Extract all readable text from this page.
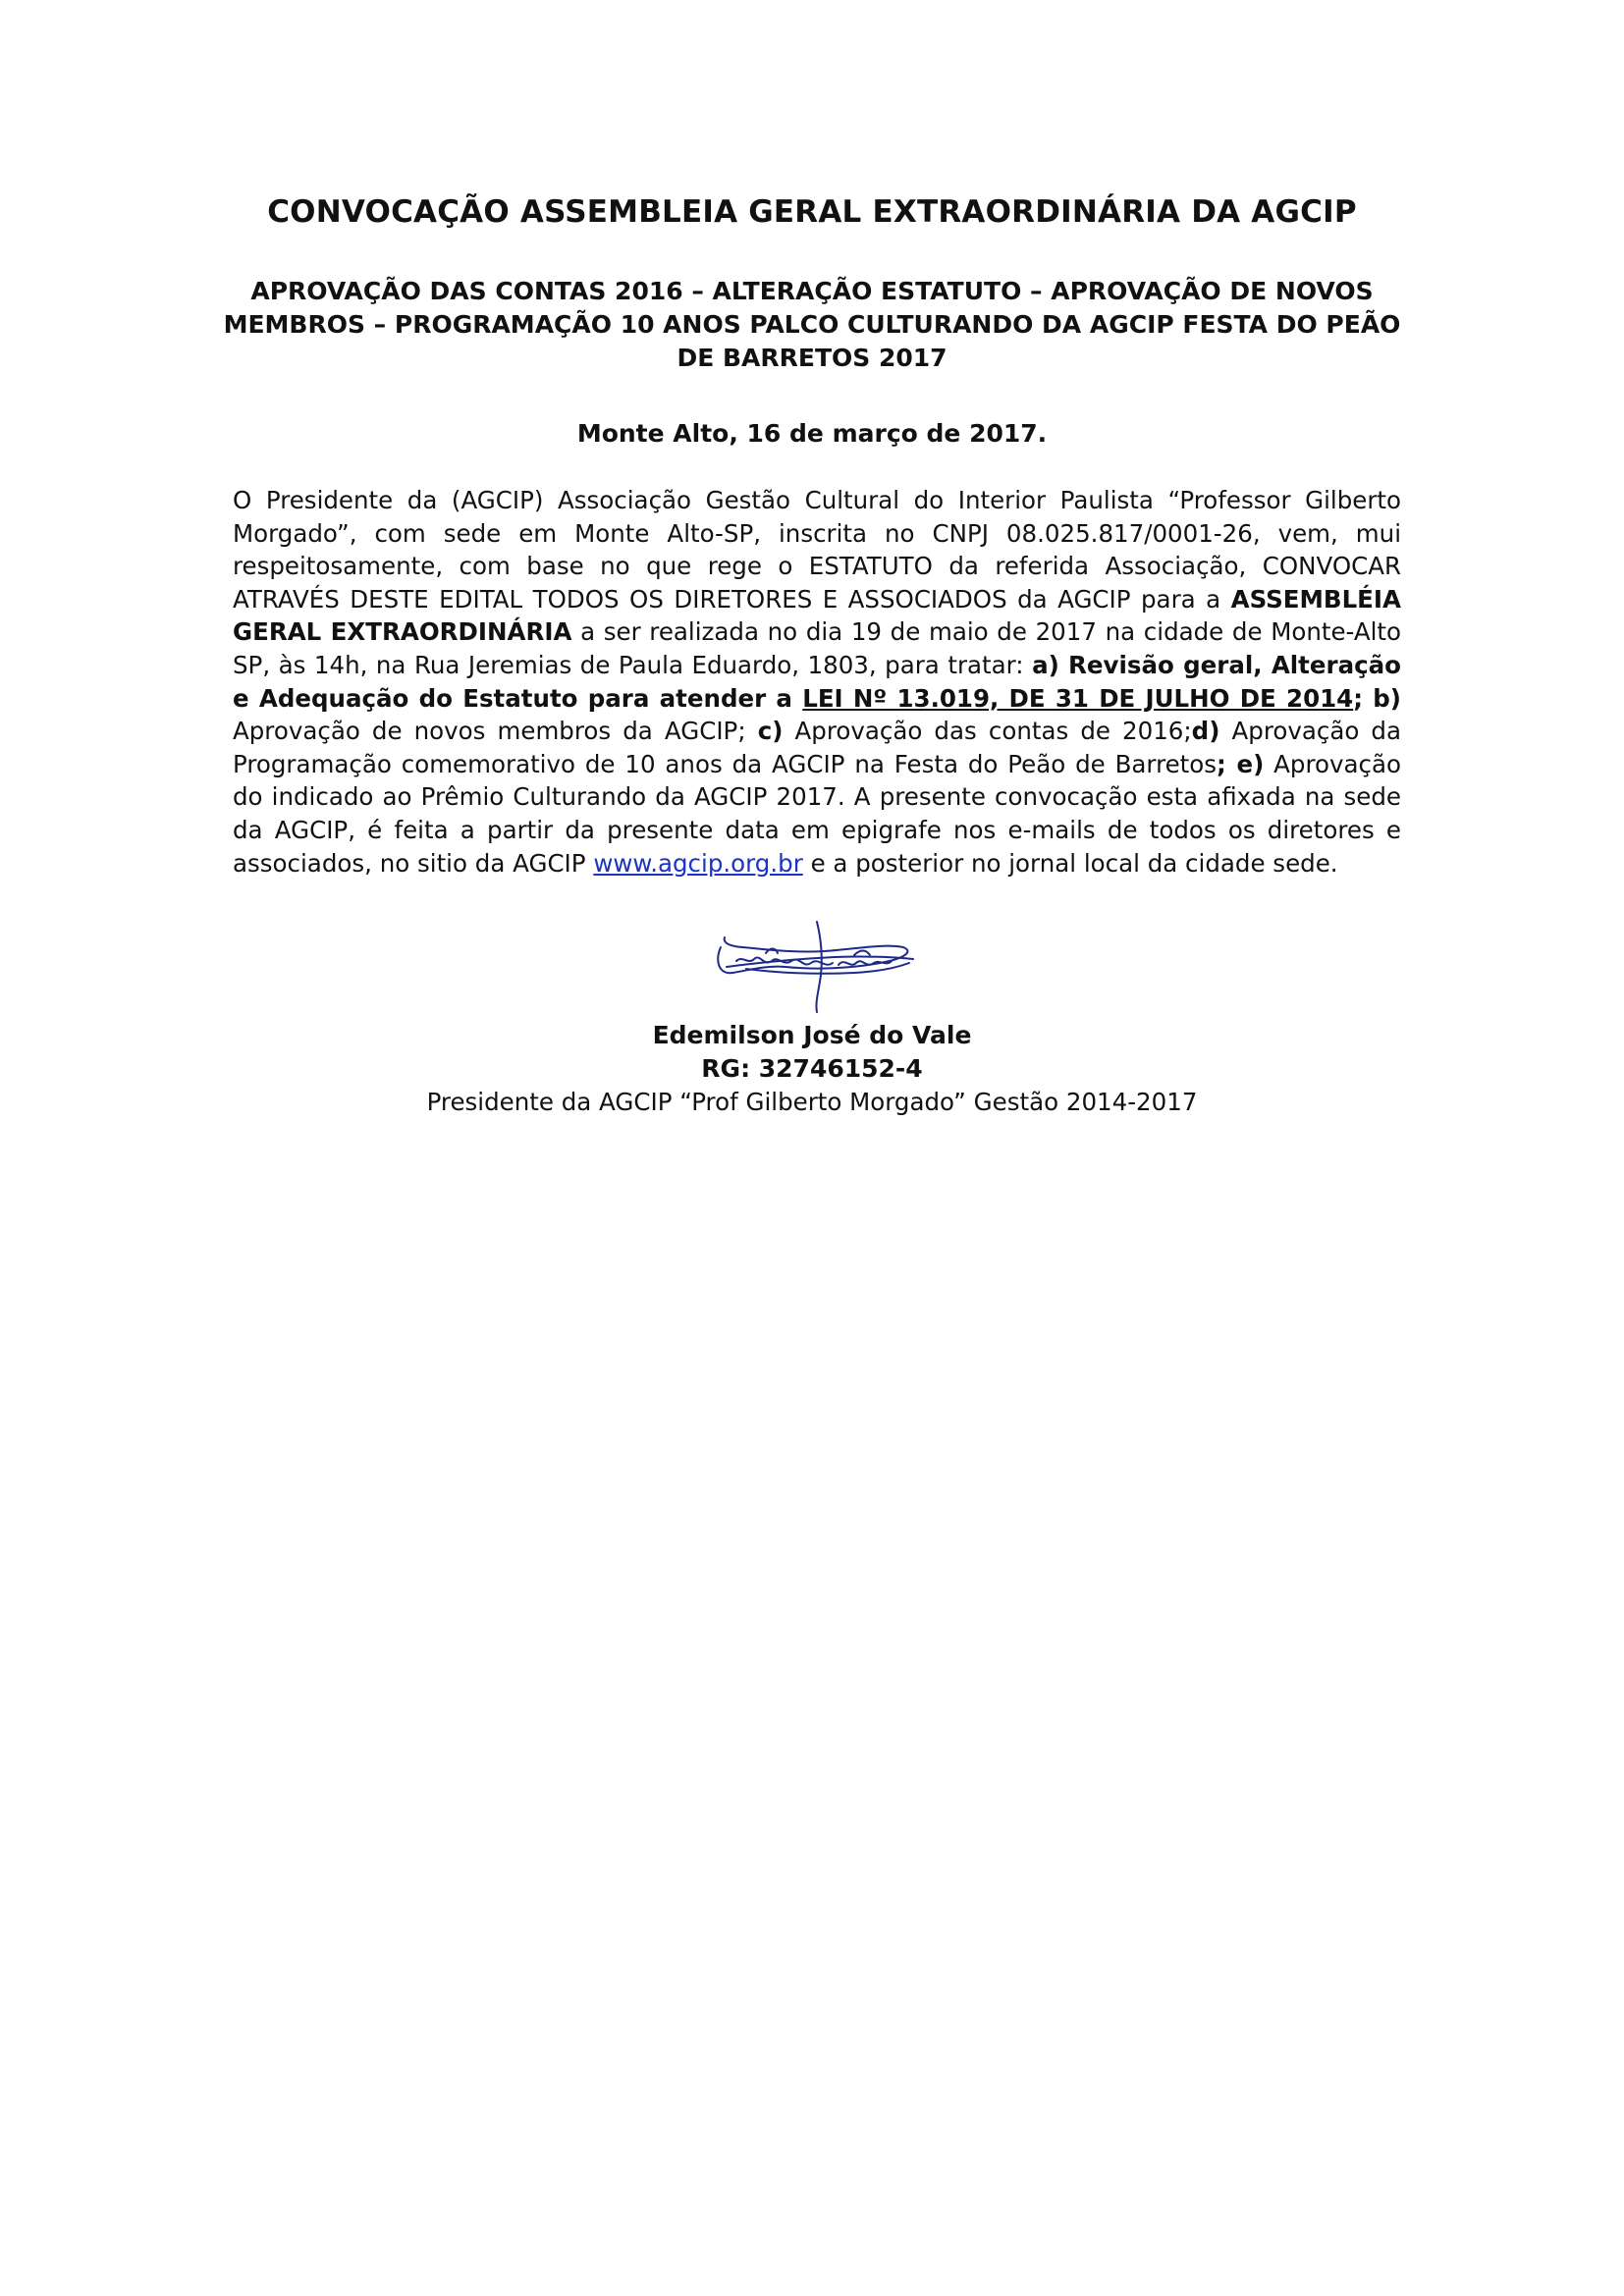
CONVOCAÇÃO ASSEMBLEIA GERAL EXTRAORDINÁRIA DA AGCIP
APROVAÇÃO DAS CONTAS 2016 – ALTERAÇÃO ESTATUTO – APROVAÇÃO DE NOVOS MEMBROS – PROGRAMAÇÃO 10 ANOS PALCO CULTURANDO DA AGCIP FESTA DO PEÃO DE BARRETOS 2017

Monte Alto, 16 de março de 2017.

O Presidente da (AGCIP) Associação Gestão Cultural do Interior Paulista “Professor Gilberto Morgado”, com sede em Monte Alto-SP, inscrita no CNPJ 08.025.817/0001-26, vem, mui respeitosamente, com base no que rege o ESTATUTO da referida Associação, CONVOCAR ATRAVÉS DESTE EDITAL TODOS OS DIRETORES E ASSOCIADOS da AGCIP para a ASSEMBLÉIA GERAL EXTRAORDINÁRIA a ser realizada no dia 19 de maio de 2017 na cidade de Monte-Alto SP, às 14h, na Rua Jeremias de Paula Eduardo, 1803, para tratar: a) Revisão geral, Alteração e Adequação do Estatuto para atender a LEI Nº 13.019, DE 31 DE JULHO DE 2014; b) Aprovação de novos membros da AGCIP; c) Aprovação das contas de 2016;d) Aprovação da Programação comemorativo de 10 anos da AGCIP na Festa do Peão de Barretos; e) Aprovação do indicado ao Prêmio Culturando da AGCIP 2017. A presente convocação esta afixada na sede da AGCIP, é feita a partir da presente data em epigrafe nos e-mails de todos os diretores e associados, no sitio da AGCIP www.agcip.org.br e a posterior no jornal local da cidade sede.

Edemilson José do Vale

RG: 32746152-4

Presidente da AGCIP “Prof Gilberto Morgado” Gestão 2014-2017
